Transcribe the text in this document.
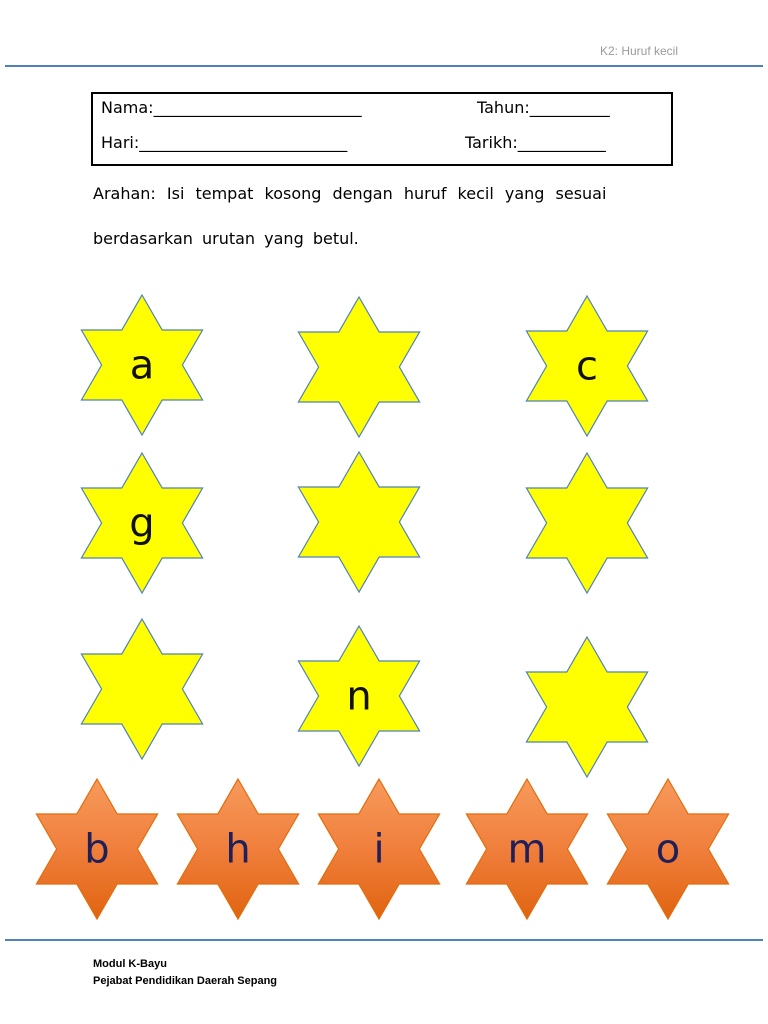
K2: Huruf kecil
Nama:__________________________	Tahun:__________
Hari:__________________________	Tarikh:___________
Arahan: Isi tempat kosong dengan huruf kecil yang sesuai
berdasarkan urutan yang betul.
a	c
g
n
b	h	i	m	o
Modul K-Bayu
Pejabat Pendidikan Daerah Sepang
